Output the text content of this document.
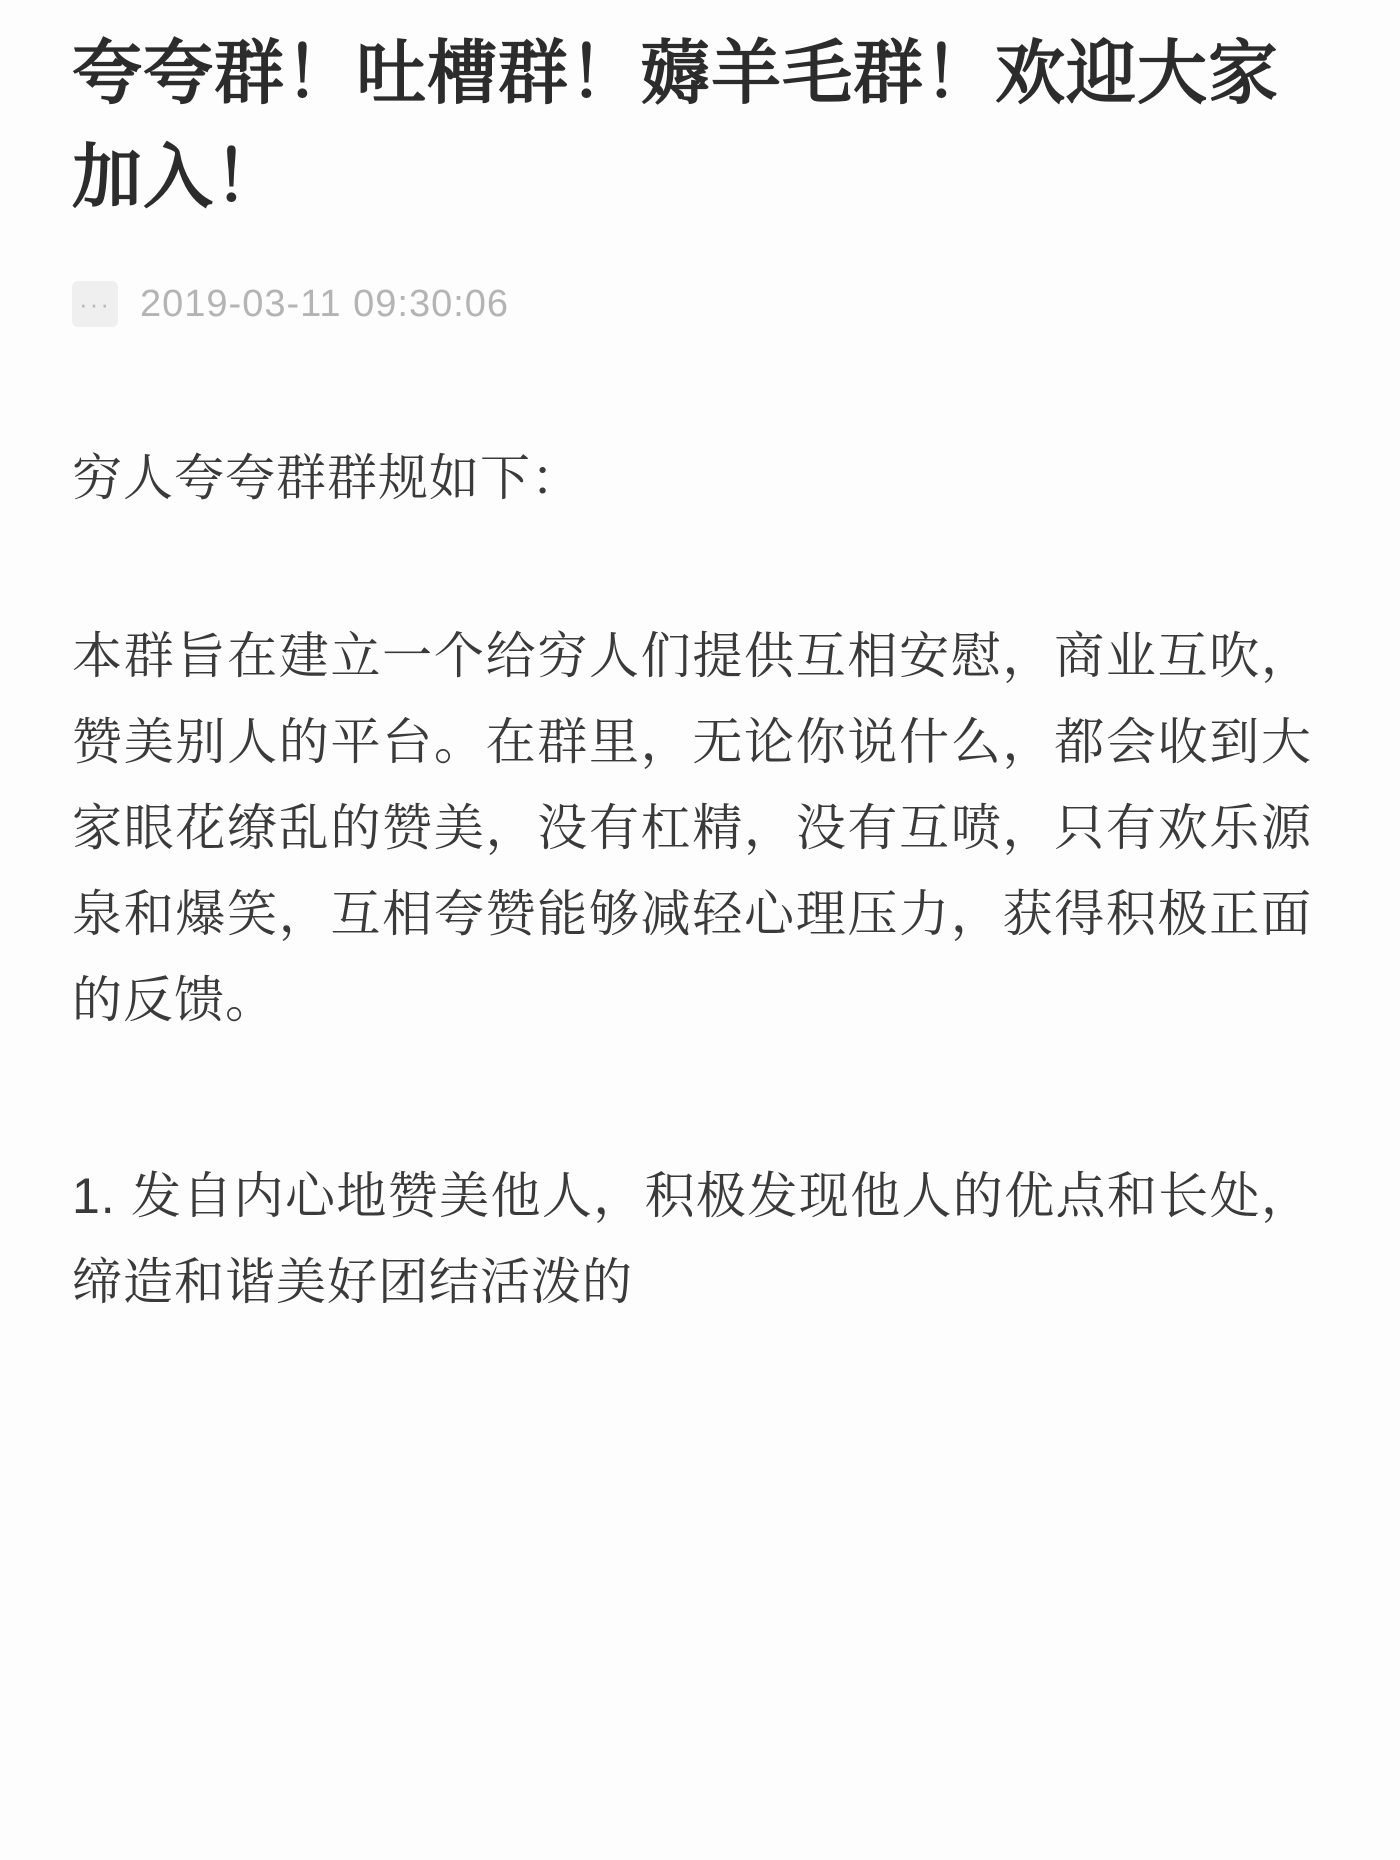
夸夸群！吐槽群！薅羊毛群！欢迎大家加入！
··· 2019-03-11 09:30:06

穷人夸夸群群规如下：

本群旨在建立一个给穷人们提供互相安慰，商业互吹，赞美别人的平台。在群里，无论你说什么，都会收到大家眼花缭乱的赞美，没有杠精，没有互喷，只有欢乐源泉和爆笑，互相夸赞能够减轻心理压力，获得积极正面的反馈。

1. 发自内心地赞美他人，积极发现他人的优点和长处，缔造和谐美好团结活泼的
